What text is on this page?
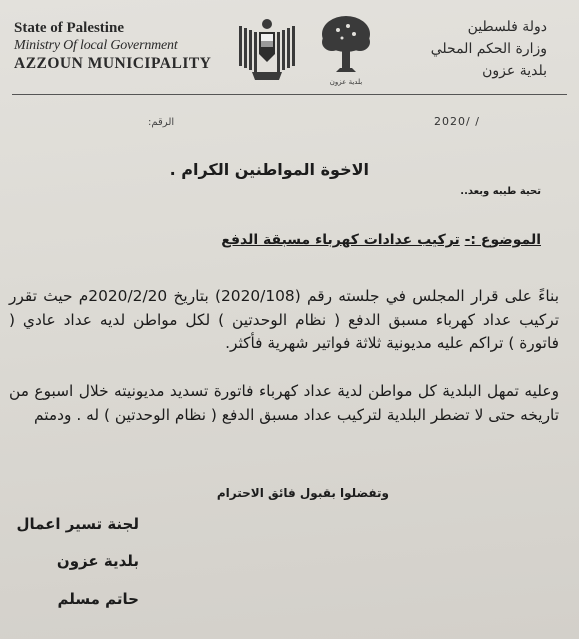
State of Palestine
Ministry Of local Government
AZZOUN MUNICIPALITY
بلدية عزون
دولة فلسطين
وزارة الحكم المحلي
بلدية عزون
الرقم:	2020/ /
الاخوة المواطنين الكرام .
تحية طيبه وبعد..
الموضوع :- تركيب عدادات كهرباء مسبقة الدفع
بناءً على قرار المجلس في جلسته رقم (2020/108) بتاريخ 2020/2/20م حيث تقرر تركيب عداد كهرباء مسبق الدفع ( نظام الوحدتين ) لكل مواطن لديه عداد عادي ( فاتورة ) تراكم عليه مديونية ثلاثة فواتير شهرية فأكثر.
وعليه تمهل البلدية كل مواطن لدية عداد كهرباء فاتورة تسديد مديونيته خلال اسبوع من تاريخه حتى لا تضطر البلدية لتركيب عداد مسبق الدفع ( نظام الوحدتين ) له . ودمتم
وتفضلوا بقبول فائق الاحترام
لجنة تسير اعمال
بلدية عزون
حاتم مسلم
